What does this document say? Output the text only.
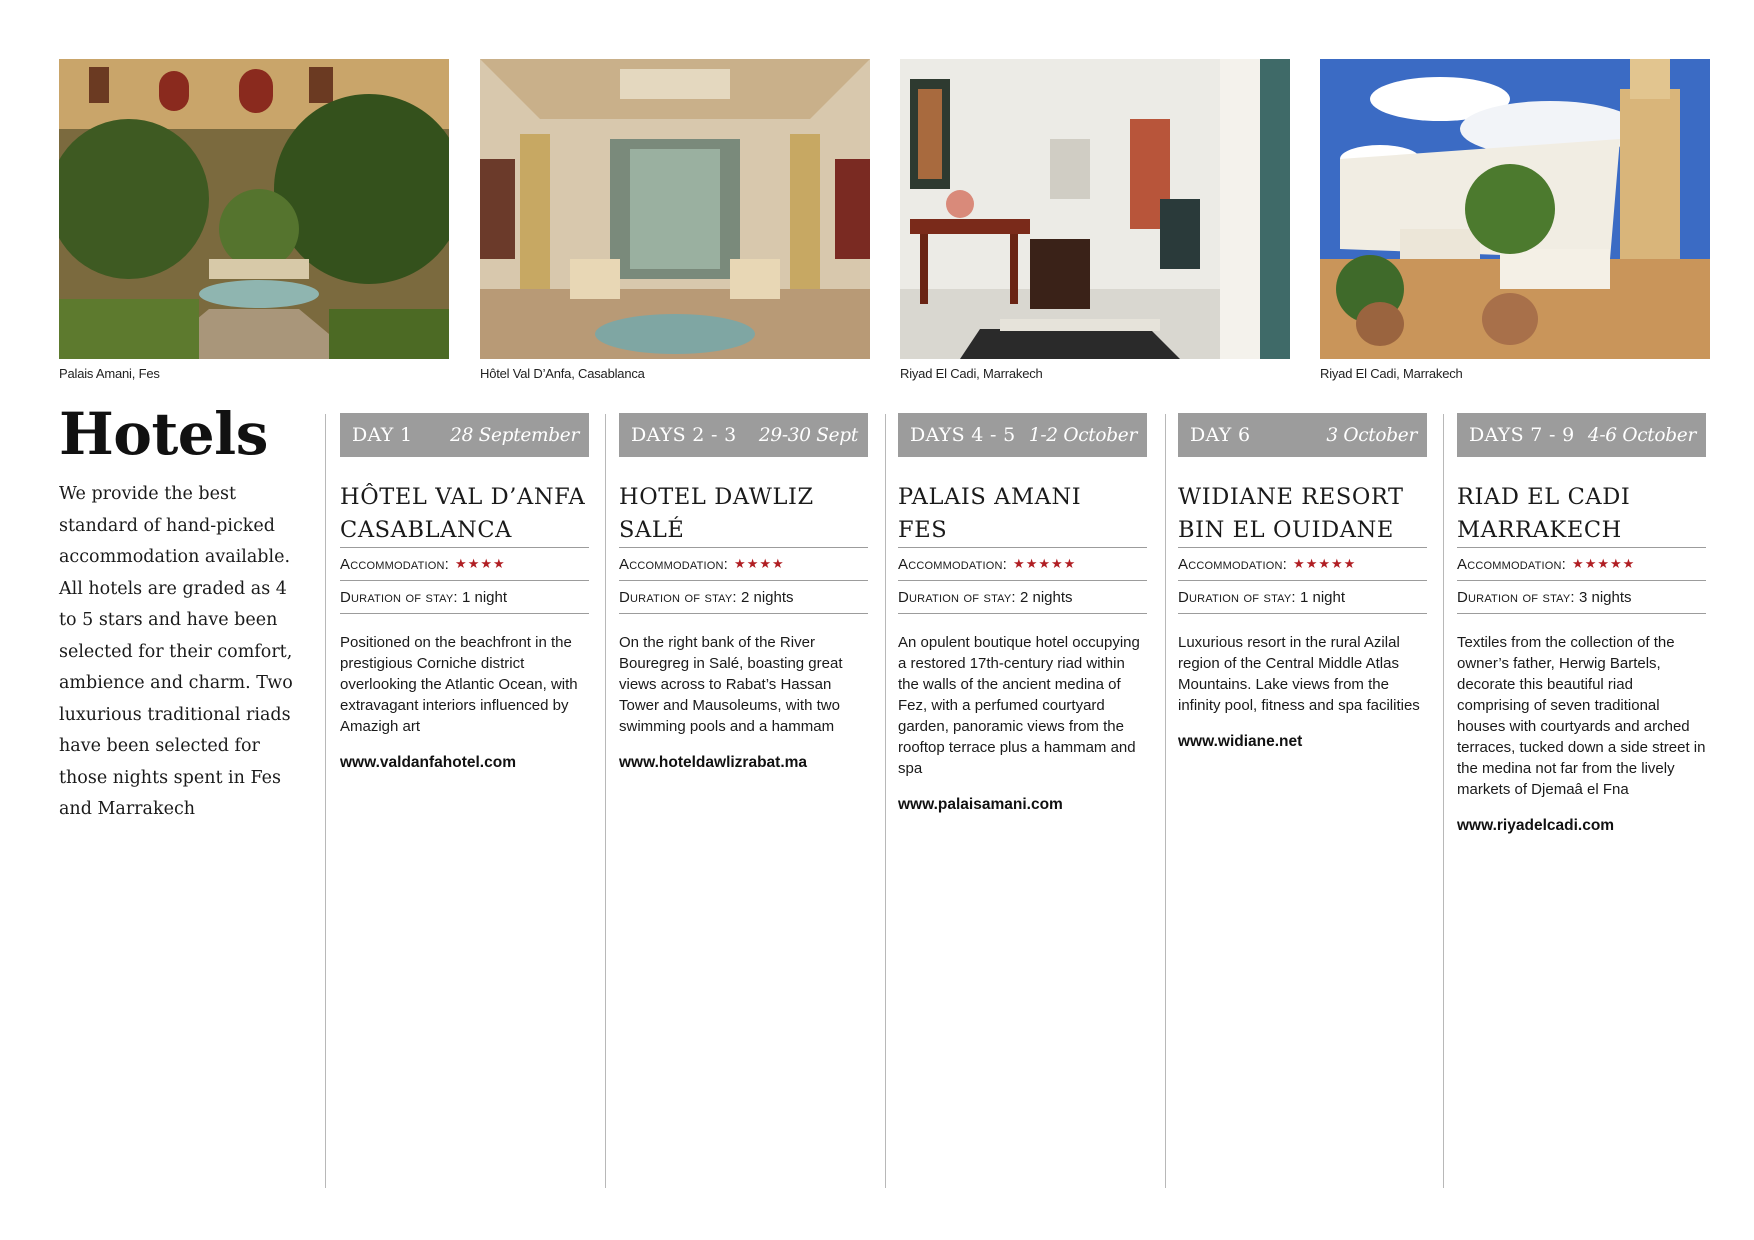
Palais Amani, Fes	Hôtel Val D’Anfa, Casablanca	Riyad El Cadi, Marrakech	Riyad El Cadi, Marrakech
Hotels

We provide the best standard of hand-picked accommodation available. All hotels are graded as 4 to 5 stars and have been selected for their comfort, ambience and charm. Two luxurious traditional riads have been selected for those nights spent in Fes and Marrakech

DAY 1 28 September
HÔTEL VAL D’ANFA
CASABLANCA
Accommodation: ★★★★
Duration of stay:
1 night

Positioned on the beachfront in the prestigious Corniche district overlooking the Atlantic Ocean, with extravagant interiors influenced by Amazigh art

www.valdanfahotel.com

DAYS 2 - 3 29-30 Sept
HOTEL DAWLIZ
SALÉ
Accommodation: ★★★★
Duration of stay:
2 nights

On the right bank of the River Bouregreg in Salé, boasting great views across to Rabat’s Hassan Tower and Mausoleums, with two swimming pools and a hammam

www.hoteldawlizrabat.ma

DAYS 4 - 5 1-2 October
PALAIS AMANI
FES
Accommodation: ★★★★★
Duration of stay:
2 nights

An opulent boutique hotel occupying a restored 17th-century riad within the walls of the ancient medina of Fez, with a perfumed courtyard garden, panoramic views from the rooftop terrace plus a hammam and spa

www.palaisamani.com

DAY 6	3 October
WIDIANE RESORT
BIN EL OUIDANE
Accommodation: ★★★★★
Duration of stay:
1 night

Luxurious resort in the rural Azilal region of the Central Middle Atlas Mountains. Lake views from the infinity pool, fitness and spa facilities

www.widiane.net

DAYS 7 - 9 4-6 October
RIAD EL CADI
MARRAKECH
Accommodation: ★★★★★
Duration of stay:
3 nights

Textiles from the collection of the owner’s father, Herwig Bartels, decorate this beautiful riad comprising of seven traditional houses with courtyards and arched terraces, tucked down a side street in the medina not far from the lively markets of Djemaâ el Fna

www.riyadelcadi.com
